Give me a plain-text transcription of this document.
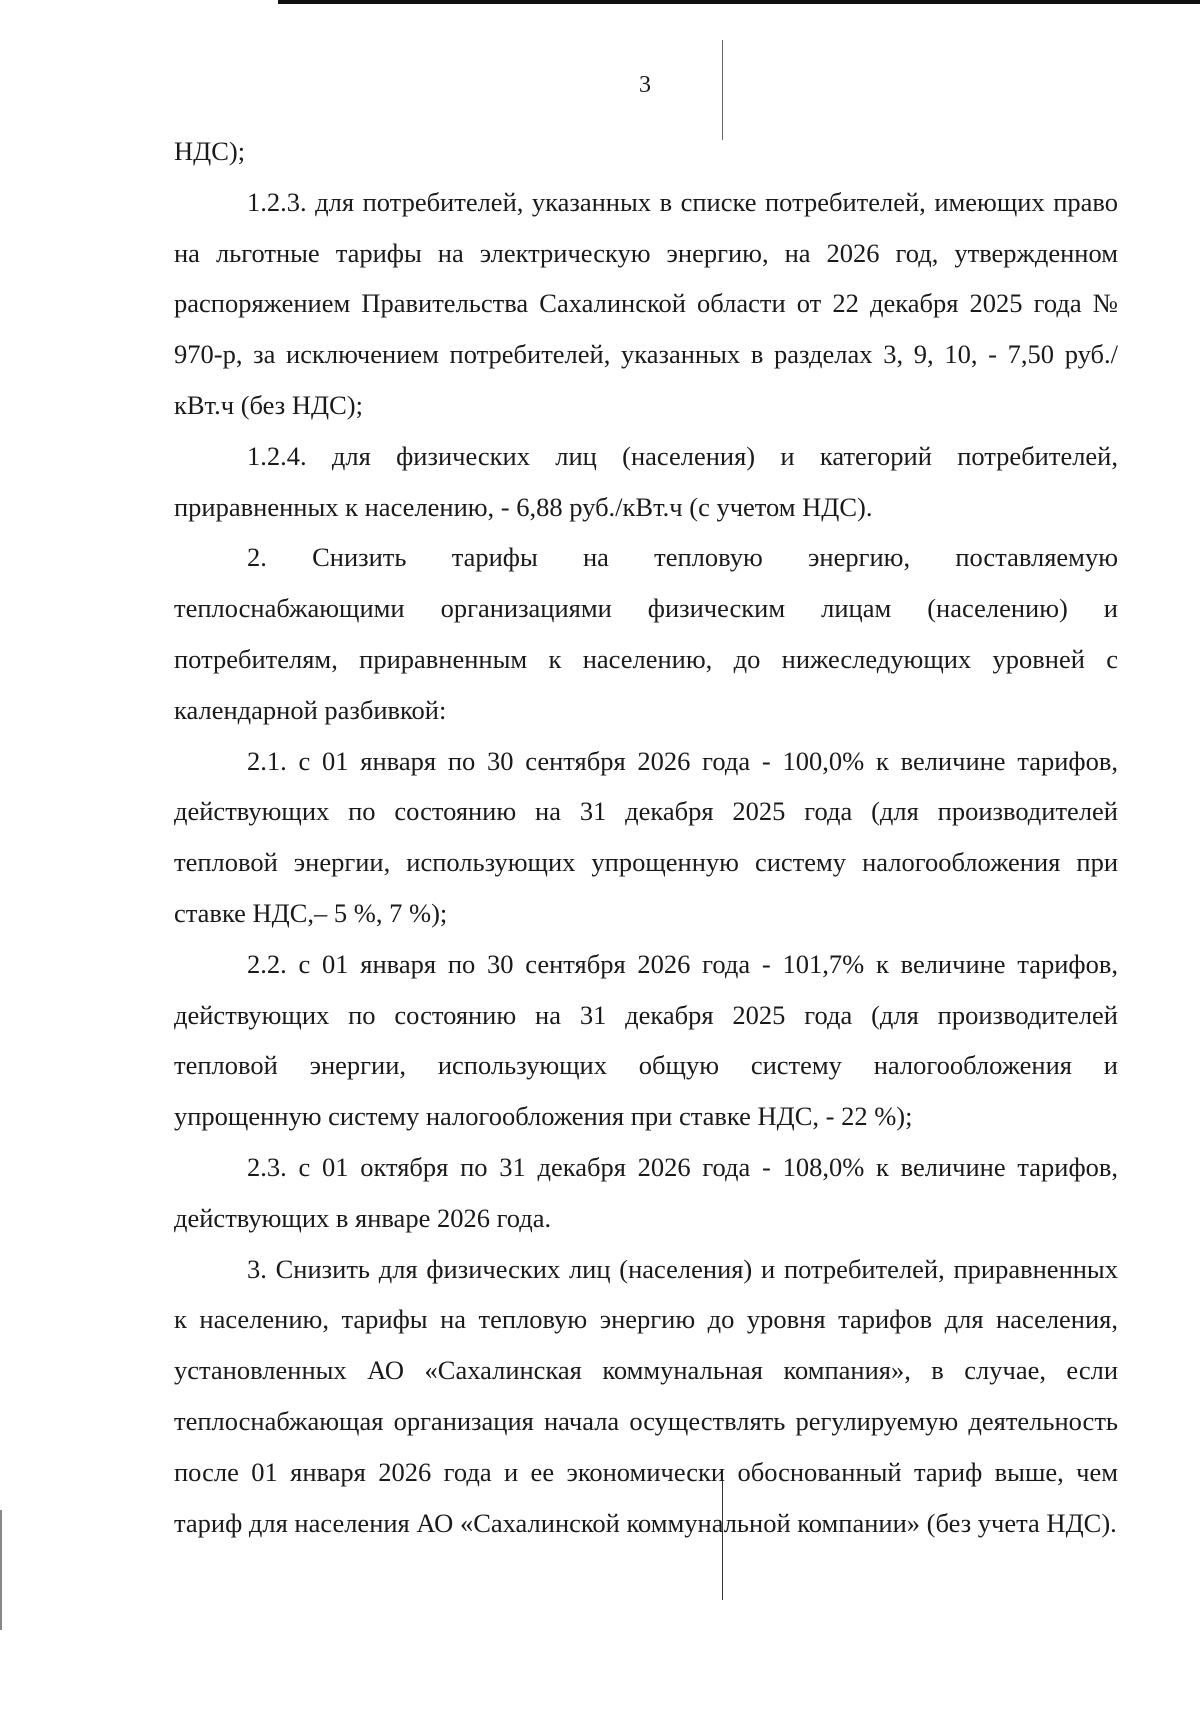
3

НДС);

1.2.3. для потребителей, указанных в списке потребителей, имеющих право на льготные тарифы на электрическую энергию, на 2026 год, утвержденном распоряжением Правительства Сахалинской области от 22 декабря 2025 года № 970-р, за исключением потребителей, указанных в разделах 3, 9, 10, - 7,50 руб./кВт.ч (без НДС);

1.2.4. для физических лиц (населения) и категорий потребителей, приравненных к населению, - 6,88 руб./кВт.ч (с учетом НДС).

2. Снизить тарифы на тепловую энергию, поставляемую теплоснабжающими организациями физическим лицам (населению) и потребителям, приравненным к населению, до нижеследующих уровней с календарной разбивкой:

2.1. с 01 января по 30 сентября 2026 года - 100,0% к величине тарифов, действующих по состоянию на 31 декабря 2025 года (для производителей тепловой энергии, использующих упрощенную систему налогообложения при ставке НДС,– 5 %, 7 %);

2.2. с 01 января по 30 сентября 2026 года - 101,7% к величине тарифов, действующих по состоянию на 31 декабря 2025 года (для производителей тепловой энергии, использующих общую систему налогообложения и упрощенную систему налогообложения при ставке НДС, - 22 %);

2.3. с 01 октября по 31 декабря 2026 года - 108,0% к величине тарифов, действующих в январе 2026 года.

3. Снизить для физических лиц (населения) и потребителей, приравненных к населению, тарифы на тепловую энергию до уровня тарифов для населения, установленных АО «Сахалинская коммунальная компания», в случае, если теплоснабжающая организация начала осуществлять регулируемую деятельность после 01 января 2026 года и ее экономически обоснованный тариф выше, чем тариф для населения АО «Сахалинской коммунальной компании» (без учета НДС).
